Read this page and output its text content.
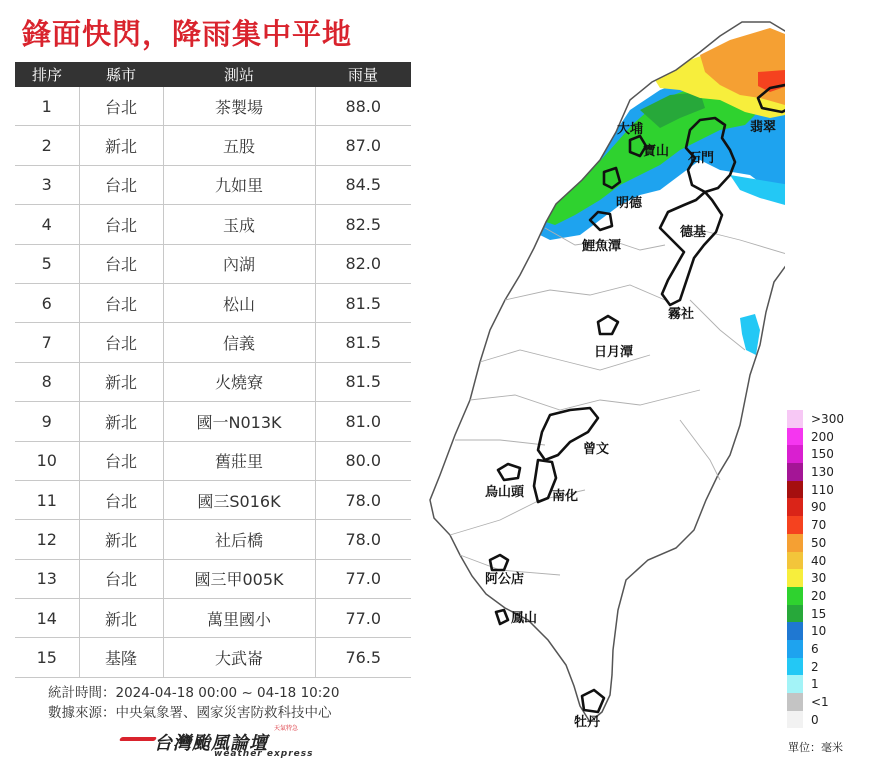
鋒面快閃，降雨集中平地
排序	縣市	測站	雨量
1	台北	茶製場	88.0
2	新北	五股	87.0
3	台北	九如里	84.5
4	台北	玉成	82.5
5	台北	內湖	82.0
6	台北	松山	81.5
7	台北	信義	81.5
8	新北	火燒寮	81.5
9	新北	國一N013K	81.0
10	台北	舊莊里	80.0
11	台北	國三S016K	78.0
12	新北	社后橋	78.0
13	台北	國三甲005K	77.0
14	新北	萬里國小	77.0
15	基隆	大武崙	76.5
統計時間：2024-04-18 00:00 ~ 04-18 10:20
數據來源：中央氣象署、國家災害防救科技中心
台灣颱風論壇
weather express
天氣特急
大埔
寶山 石門
翡翠
明德
鯉魚潭
德基
霧社
日月潭
曾文
烏山頭 南化
阿公店
鳳山
牡丹
>300
200
150
130
110
90
70
50
40
30
20
15
10
6
2
1
<1
0
單位：毫米
